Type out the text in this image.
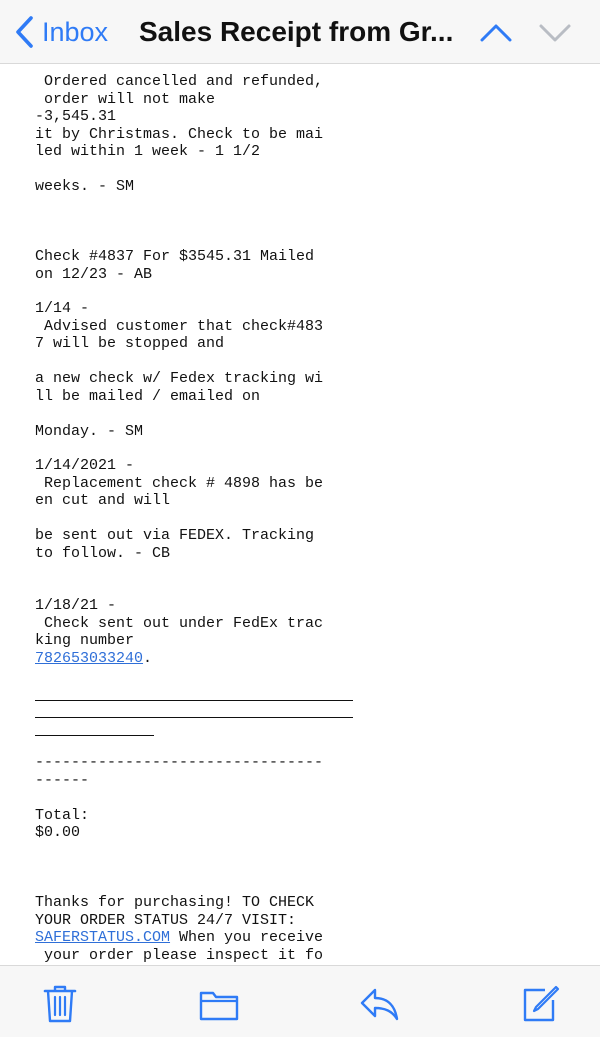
Inbox Sales Receipt from Gr...
Ordered cancelled and refunded,
order will not make
-3,545.31
it by Christmas. Check to be mai
led within 1 week - 1 1/2
weeks. - SM
Check #4837 For $3545.31 Mailed
on 12/23 - AB
1/14 -
Advised customer that check#483
7 will be stopped and
a new check w/ Fedex tracking wi
ll be mailed / emailed on
Monday. - SM
1/14/2021 -
Replacement check # 4898 has be
en cut and will
be sent out via FEDEX. Tracking
to follow. - CB
1/18/21 -
Check sent out under FedEx trac
king number
782653033240.
--------------------------------
------
Total:
$0.00
Thanks for purchasing! TO CHECK
YOUR ORDER STATUS 24/7 VISIT:
SAFERSTATUS.COM When you receive
your order please inspect it fo
